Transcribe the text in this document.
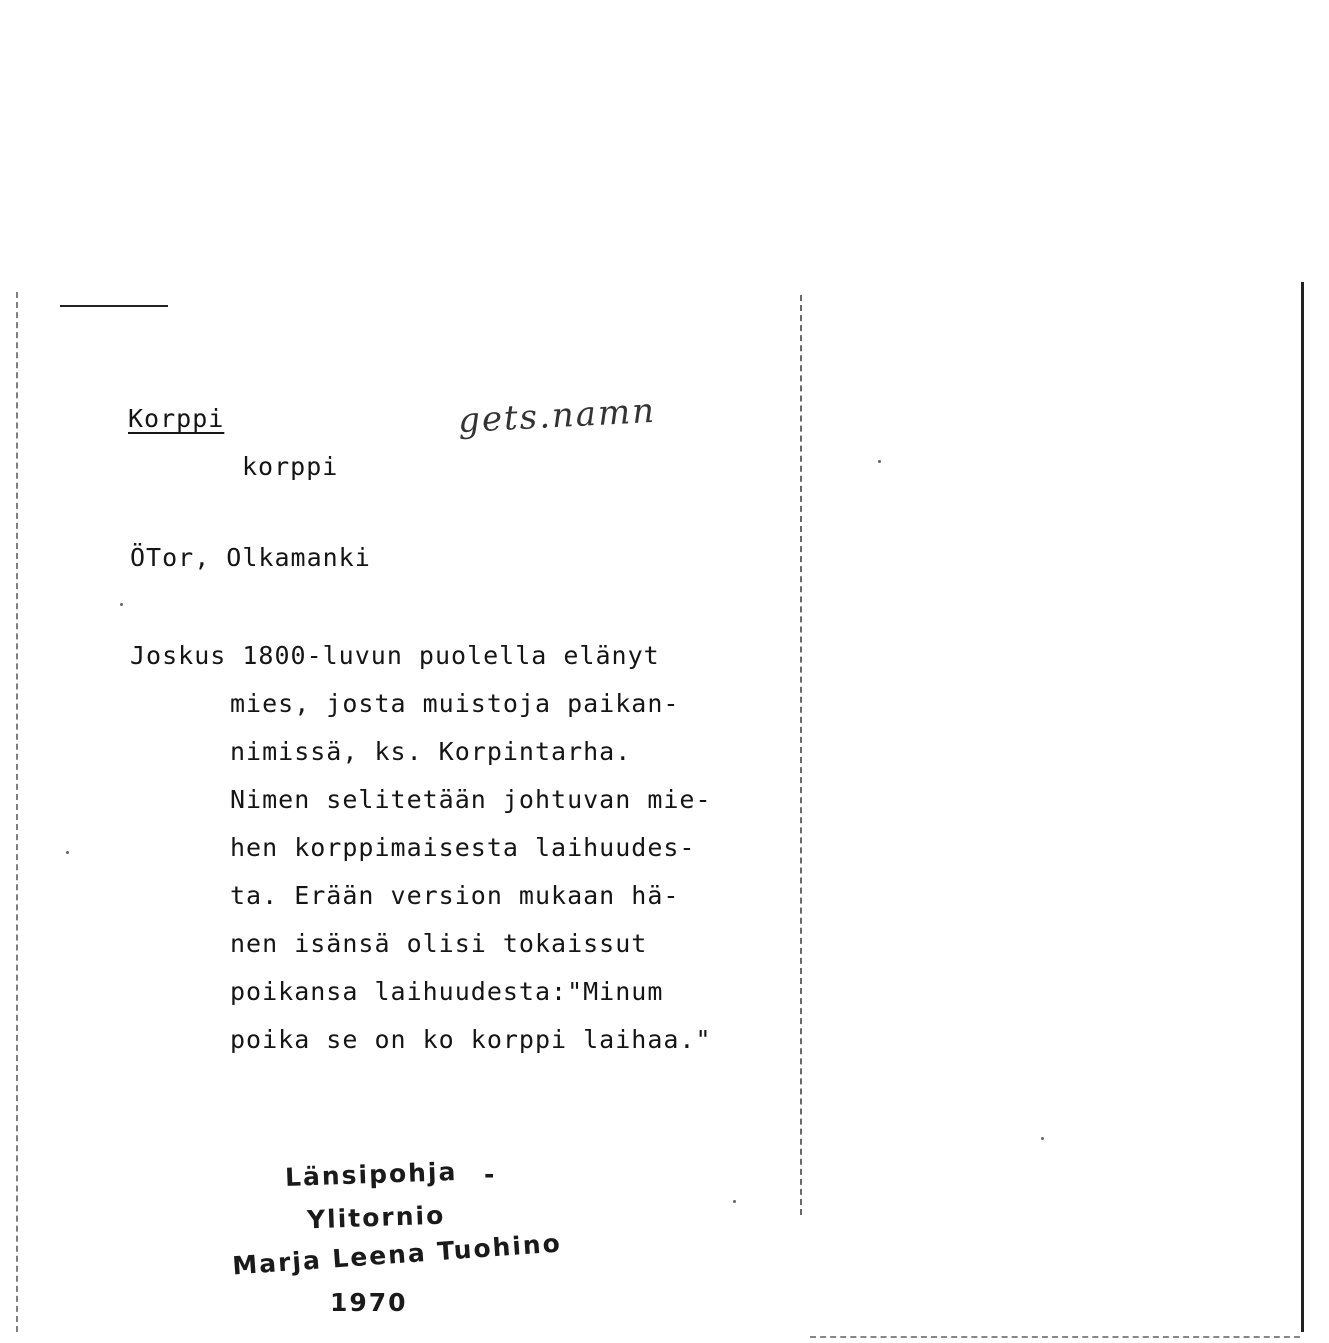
Korppi	gets.namn
korppi
ÖTor, Olkamanki
Joskus 1800-luvun puolella elänyt
mies, josta muistoja paikan-
nimissä, ks. Korpintarha.
Nimen selitetään johtuvan mie-
hen korppimaisesta laihuudes-
ta. Erään version mukaan hä-
nen isänsä olisi tokaissut
poikansa laihuudesta:"Minum
poika se on ko korppi laihaa."
Länsipohja -
Ylitornio
Marja Leena Tuohino
1970
